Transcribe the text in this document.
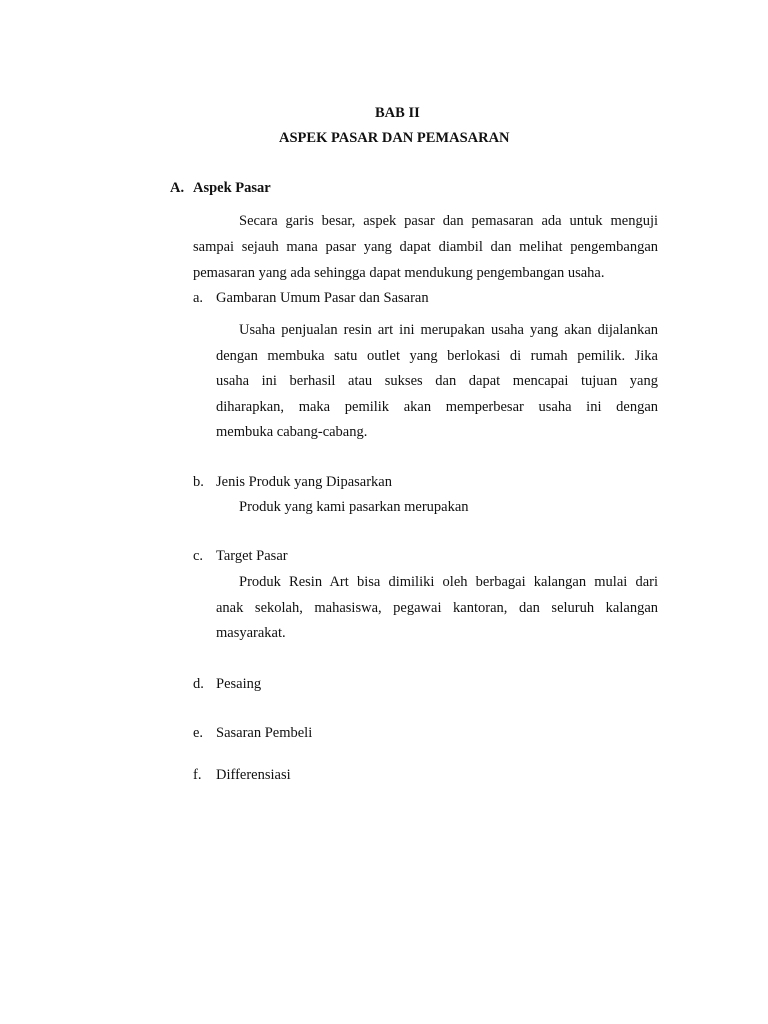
BAB II
ASPEK PASAR DAN PEMASARAN
A. Aspek Pasar
Secara garis besar, aspek pasar dan pemasaran ada untuk menguji
sampai sejauh mana pasar yang dapat diambil dan melihat pengembangan
pemasaran yang ada sehingga dapat mendukung pengembangan usaha.
a. Gambaran Umum Pasar dan Sasaran
Usaha penjualan resin art ini merupakan usaha yang akan dijalankan
dengan membuka satu outlet yang berlokasi di rumah pemilik. Jika
usaha ini berhasil atau sukses dan dapat mencapai tujuan yang
diharapkan, maka pemilik akan memperbesar usaha ini dengan
membuka cabang-cabang.
b. Jenis Produk yang Dipasarkan
Produk yang kami pasarkan merupakan
c. Target Pasar
Produk Resin Art bisa dimiliki oleh berbagai kalangan mulai dari
anak sekolah, mahasiswa, pegawai kantoran, dan seluruh kalangan
masyarakat.
d. Pesaing
e. Sasaran Pembeli
f. Differensiasi
